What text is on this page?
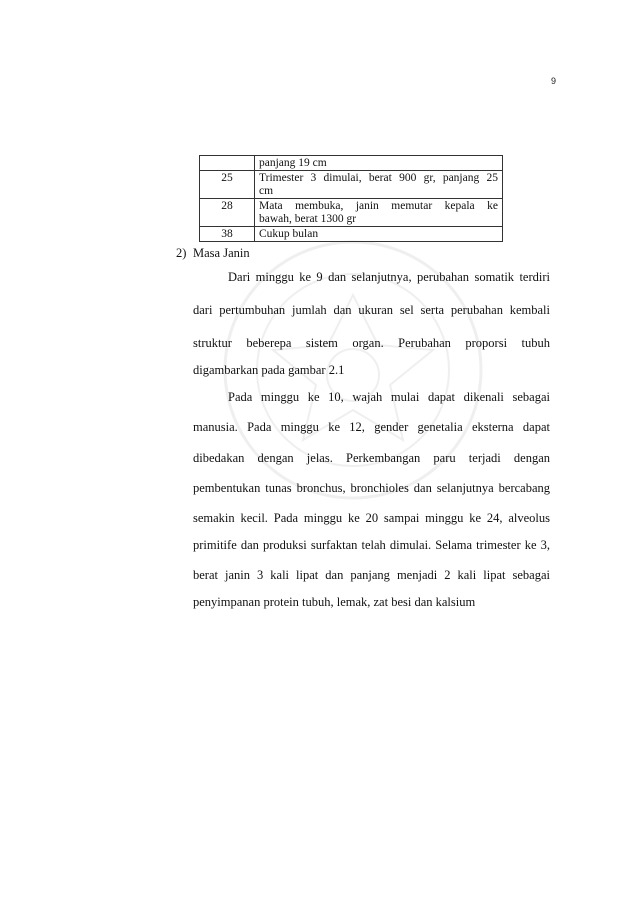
9

	panjang 19 cm

25	Trimester 3 dimulai, berat 900 gr, panjang 25
cm

28	Mata membuka, janin memutar kepala ke
bawah, berat 1300 gr

38	Cukup bulan
2) Masa Janin
Dari minggu ke 9 dan selanjutnya, perubahan somatik terdiri
dari pertumbuhan jumlah dan ukuran sel serta perubahan kembali
struktur beberepa sistem organ. Perubahan proporsi tubuh
digambarkan pada gambar 2.1
Pada minggu ke 10, wajah mulai dapat dikenali sebagai
manusia. Pada minggu ke 12, gender genetalia eksterna dapat
dibedakan dengan jelas. Perkembangan paru terjadi dengan
pembentukan tunas bronchus, bronchioles dan selanjutnya bercabang
semakin kecil. Pada minggu ke 20 sampai minggu ke 24, alveolus
primitife dan produksi surfaktan telah dimulai. Selama trimester ke 3,
berat janin 3 kali lipat dan panjang menjadi 2 kali lipat sebagai
penyimpanan protein tubuh, lemak, zat besi dan kalsium
